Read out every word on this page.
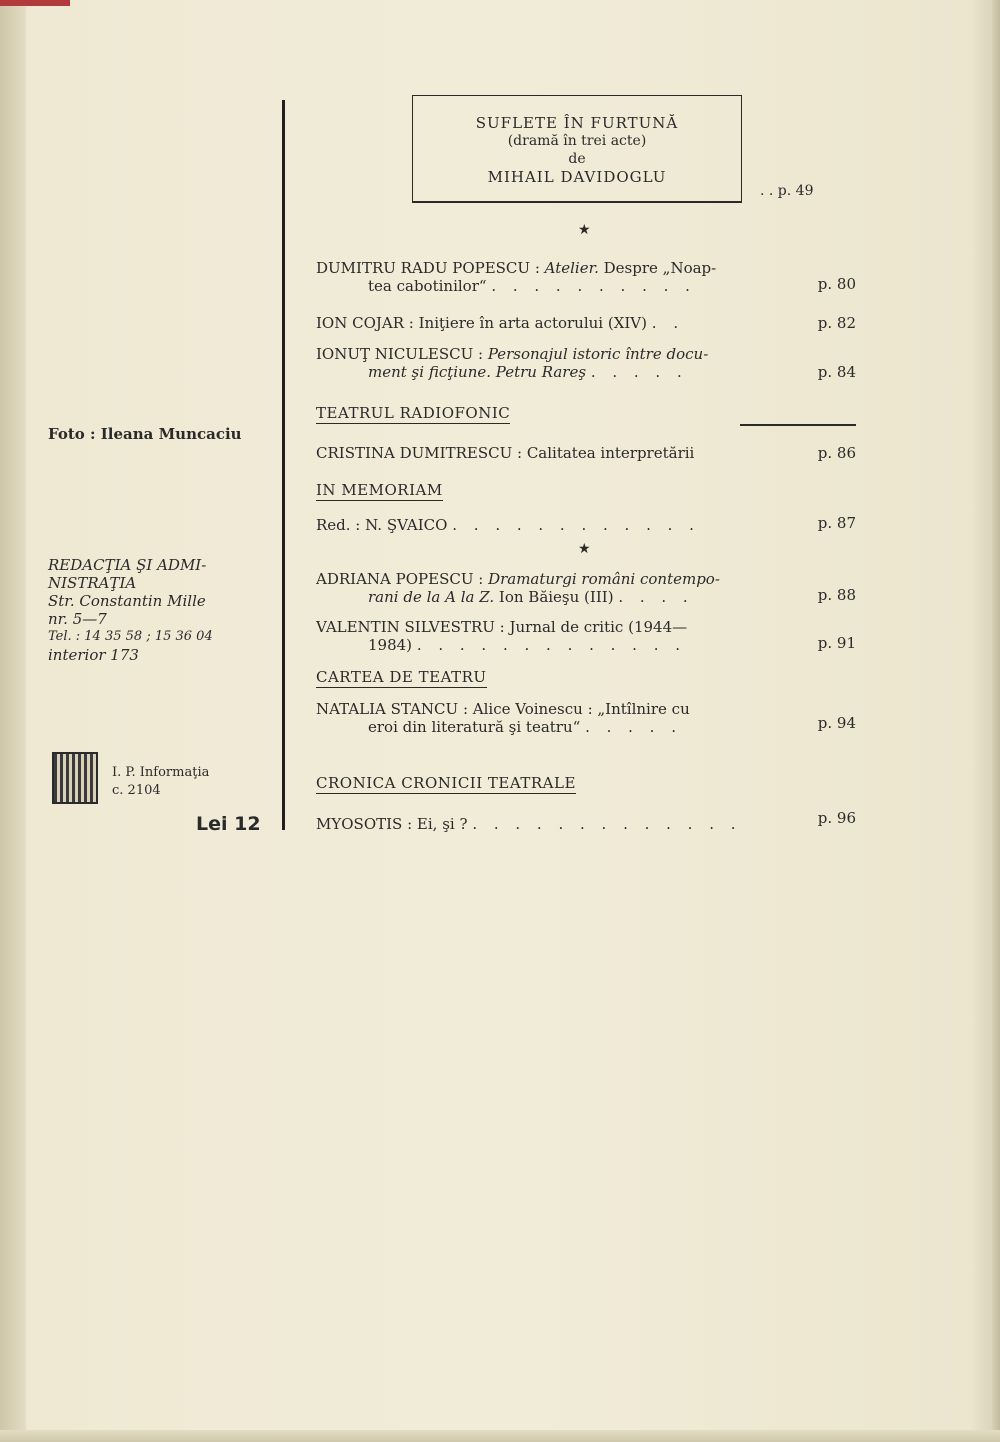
Foto : Ileana Muncaciu
REDACŢIA ŞI ADMI-
NISTRAŢIA
Str. Constantin Mille
nr. 5—7
Tel. : 14 35 58 ; 15 36 04
interior 173
I. P. Informaţia
c. 2104
Lei 12
SUFLETE ÎN FURTUNĂ
(dramă în trei acte)
de
MIHAIL DAVIDOGLU
. . p. 49
★
DUMITRU RADU POPESCU : Atelier. Despre „Noap-
tea cabotinilor“ . . . . . . . . . .	p. 80
ION COJAR : Iniţiere în arta actorului (XIV) . .	p. 82
IONUŢ NICULESCU : Personajul istoric între docu-
ment şi ficţiune. Petru Rareş . . . . .	p. 84
TEATRUL RADIOFONIC
CRISTINA DUMITRESCU : Calitatea interpretării	p. 86
IN MEMORIAM
Red. : N. ŞVAICO . . . . . . . . . . . .	p. 87
★
ADRIANA POPESCU : Dramaturgi români contempo-
rani de la A la Z. Ion Băieşu (III) . . . .	p. 88
VALENTIN SILVESTRU : Jurnal de critic (1944—
1984) . . . . . . . . . . . . .	p. 91
CARTEA DE TEATRU
NATALIA STANCU : Alice Voinescu : „Intîlnire cu
eroi din literatură şi teatru“ . . . . .	p. 94
CRONICA CRONICII TEATRALE
MYOSOTIS : Ei, şi ? . . . . . . . . . . . . .	p. 96
